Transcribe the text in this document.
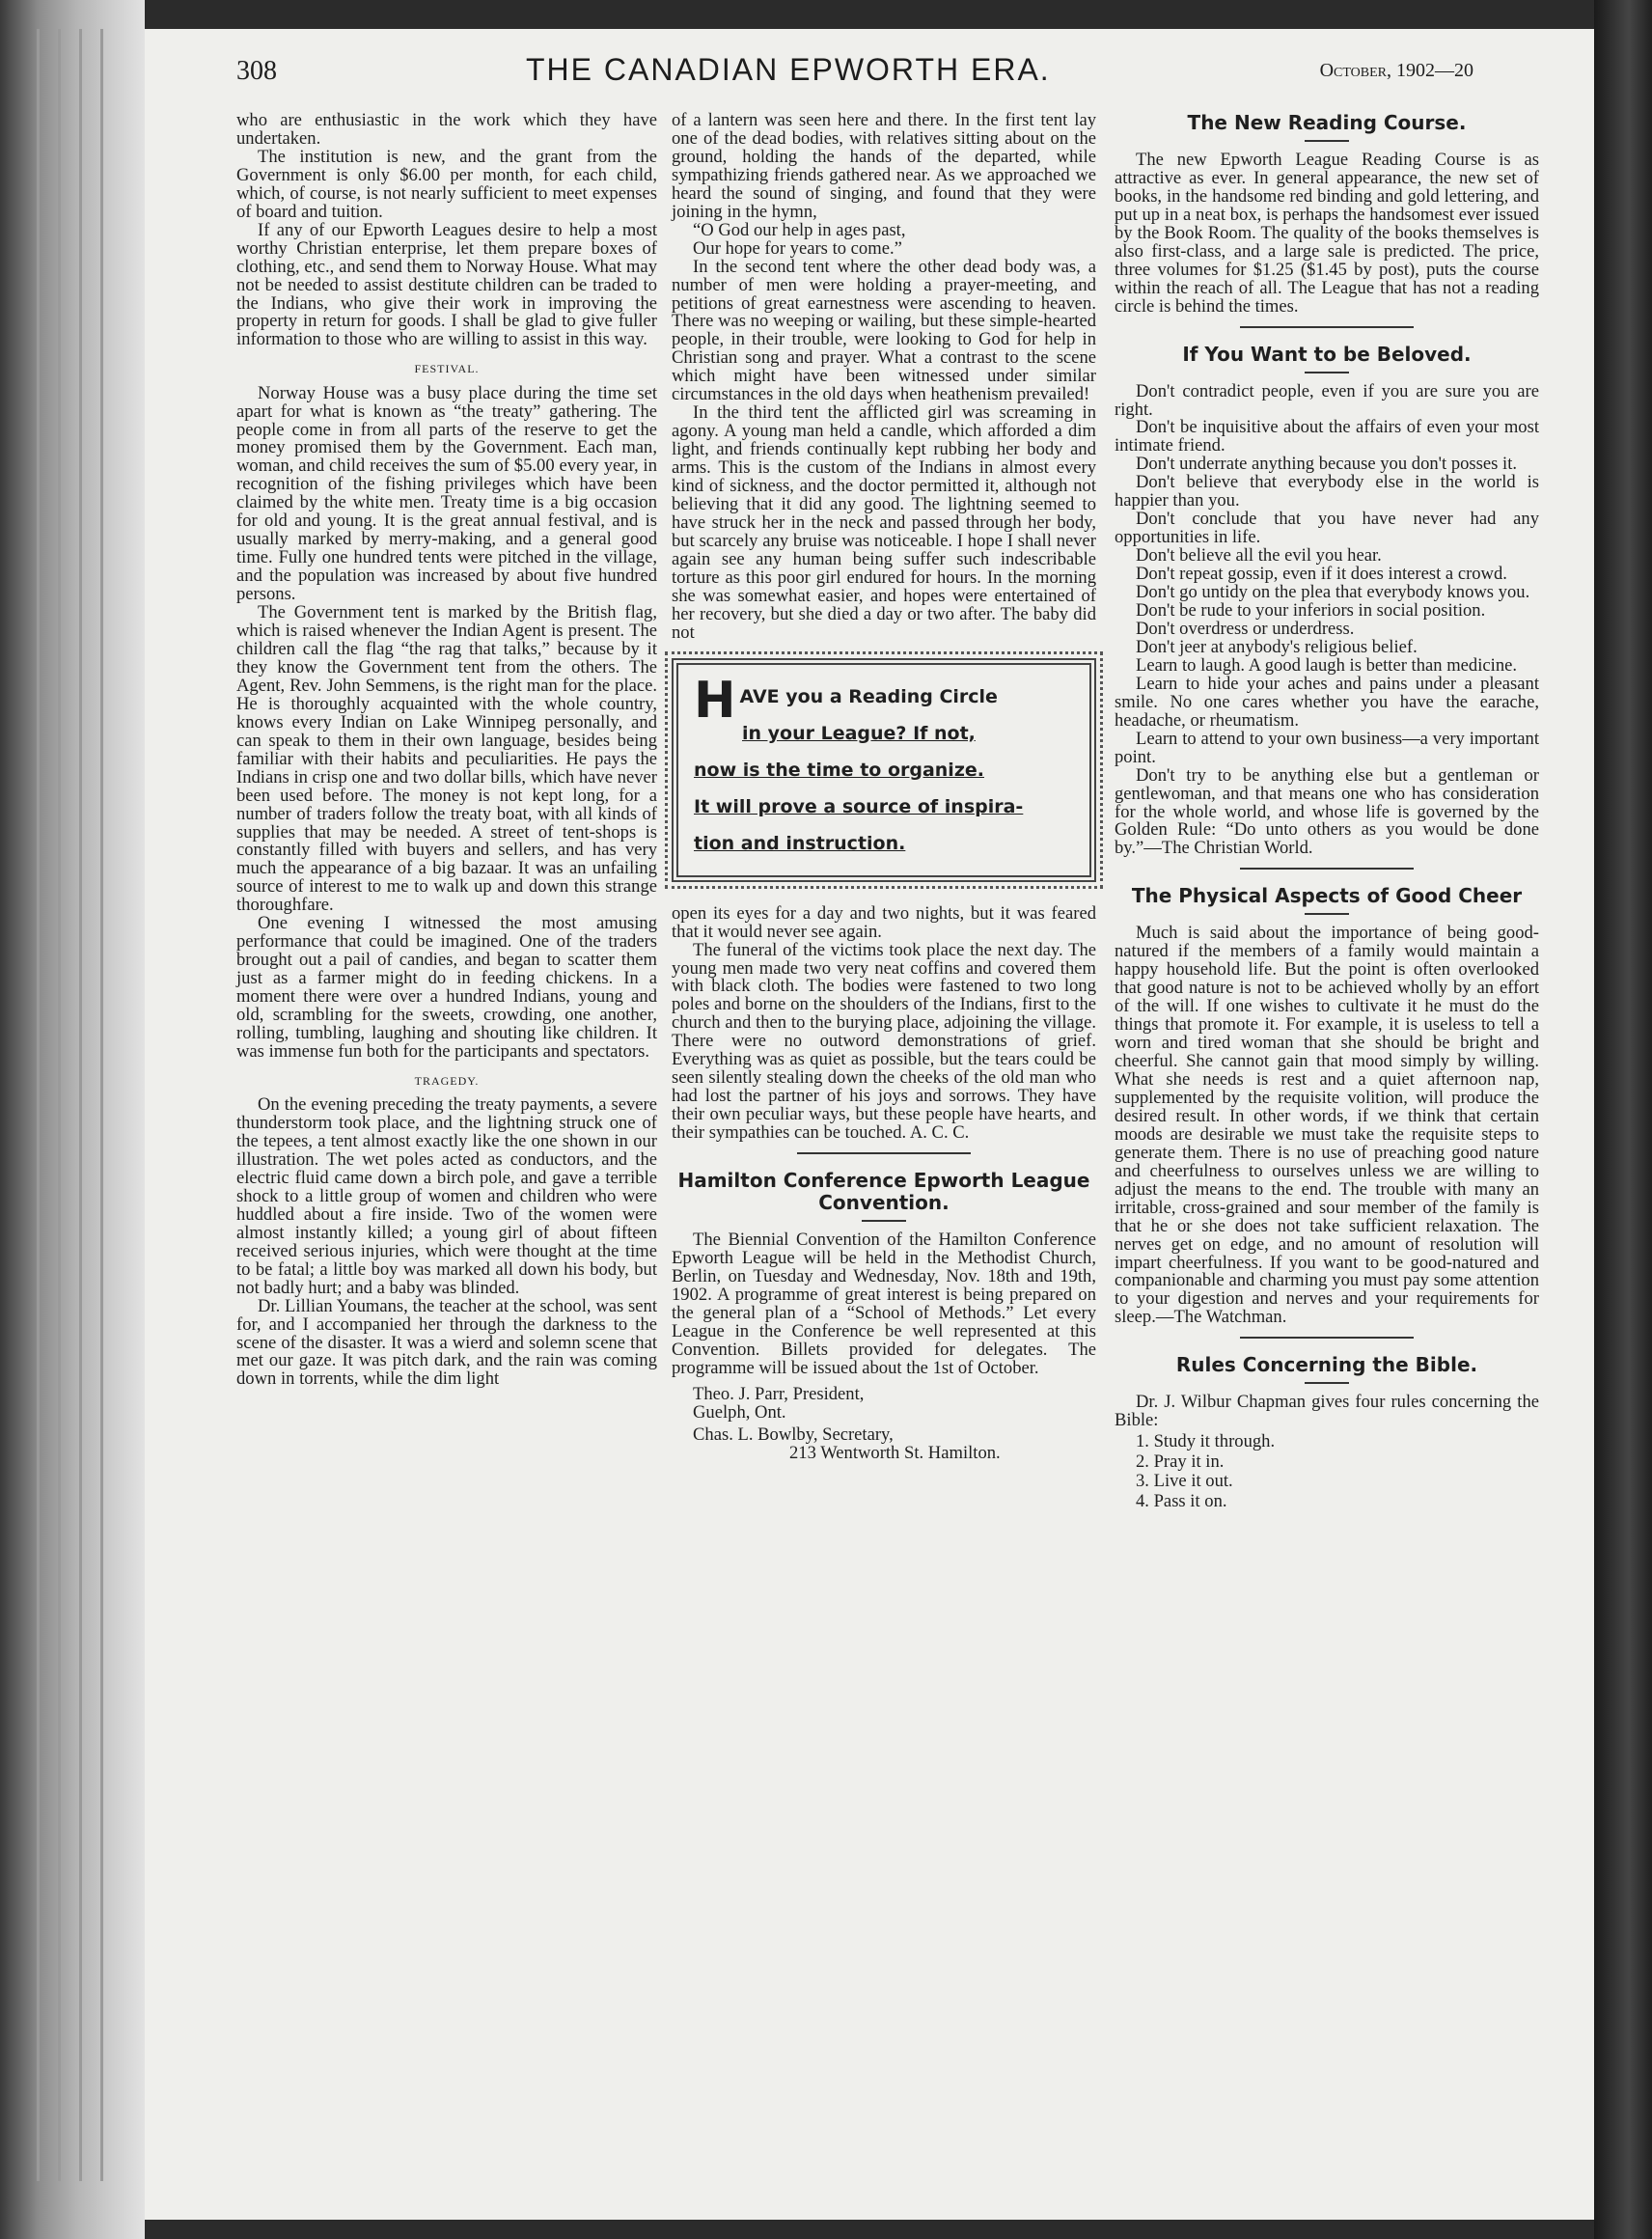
308	THE CANADIAN EPWORTH ERA.	October, 1902—20

who are enthusiastic in the work which they have undertaken.

The institution is new, and the grant from the Government is only $6.00 per month, for each child, which, of course, is not nearly sufficient to meet expenses of board and tuition.

If any of our Epworth Leagues desire to help a most worthy Christian enterprise, let them prepare boxes of clothing, etc., and send them to Norway House. What may not be needed to assist destitute children can be traded to the Indians, who give their work in improving the property in return for goods. I shall be glad to give fuller information to those who are willing to assist in this way.

FESTIVAL.

Norway House was a busy place during the time set apart for what is known as “the treaty” gathering. The people come in from all parts of the reserve to get the money promised them by the Government. Each man, woman, and child receives the sum of $5.00 every year, in recognition of the fishing privileges which have been claimed by the white men. Treaty time is a big occasion for old and young. It is the great annual festival, and is usually marked by merry-making, and a general good time. Fully one hundred tents were pitched in the village, and the population was increased by about five hundred persons.

The Government tent is marked by the British flag, which is raised whenever the Indian Agent is present. The children call the flag “the rag that talks,” because by it they know the Government tent from the others. The Agent, Rev. John Semmens, is the right man for the place. He is thoroughly acquainted with the whole country, knows every Indian on Lake Winnipeg personally, and can speak to them in their own language, besides being familiar with their habits and peculiarities. He pays the Indians in crisp one and two dollar bills, which have never been used before. The money is not kept long, for a number of traders follow the treaty boat, with all kinds of supplies that may be needed. A street of tent-shops is constantly filled with buyers and sellers, and has very much the appearance of a big bazaar. It was an unfailing source of interest to me to walk up and down this strange thoroughfare.

One evening I witnessed the most amusing performance that could be imagined. One of the traders brought out a pail of candies, and began to scatter them just as a farmer might do in feeding chickens. In a moment there were over a hundred Indians, young and old, scrambling for the sweets, crowding, one another, rolling, tumbling, laughing and shouting like children. It was immense fun both for the participants and spectators.

TRAGEDY.

On the evening preceding the treaty payments, a severe thunderstorm took place, and the lightning struck one of the tepees, a tent almost exactly like the one shown in our illustration. The wet poles acted as conductors, and the electric fluid came down a birch pole, and gave a terrible shock to a little group of women and children who were huddled about a fire inside. Two of the women were almost instantly killed; a young girl of about fifteen received serious injuries, which were thought at the time to be fatal; a little boy was marked all down his body, but not badly hurt; and a baby was blinded.

Dr. Lillian Youmans, the teacher at the school, was sent for, and I accompanied her through the darkness to the scene of the disaster. It was a wierd and solemn scene that met our gaze. It was pitch dark, and the rain was coming down in torrents, while the dim light

of a lantern was seen here and there. In the first tent lay one of the dead bodies, with relatives sitting about on the ground, holding the hands of the departed, while sympathizing friends gathered near. As we approached we heard the sound of singing, and found that they were joining in the hymn,

“O God our help in ages past,
Our hope for years to come.”

In the second tent where the other dead body was, a number of men were holding a prayer-meeting, and petitions of great earnestness were ascending to heaven. There was no weeping or wailing, but these simple-hearted people, in their trouble, were looking to God for help in Christian song and prayer. What a contrast to the scene which might have been witnessed under similar circumstances in the old days when heathenism prevailed!

In the third tent the afflicted girl was screaming in agony. A young man held a candle, which afforded a dim light, and friends continually kept rubbing her body and arms. This is the custom of the Indians in almost every kind of sickness, and the doctor permitted it, although not believing that it did any good. The lightning seemed to have struck her in the neck and passed through her body, but scarcely any bruise was noticeable. I hope I shall never again see any human being suffer such indescribable torture as this poor girl endured for hours. In the morning she was somewhat easier, and hopes were entertained of her recovery, but she died a day or two after. The baby did not

H AVE you a Reading Circle
in your League? If not,
now is the time to organize.
It will prove a source of inspira-
tion and instruction.

open its eyes for a day and two nights, but it was feared that it would never see again.

The funeral of the victims took place the next day. The young men made two very neat coffins and covered them with black cloth. The bodies were fastened to two long poles and borne on the shoulders of the Indians, first to the church and then to the burying place, adjoining the village. There were no outword demonstrations of grief. Everything was as quiet as possible, but the tears could be seen silently stealing down the cheeks of the old man who had lost the partner of his joys and sorrows. They have their own peculiar ways, but these people have hearts, and their sympathies can be touched. A. C. C.

Hamilton Conference Epworth League Convention.

The Biennial Convention of the Hamilton Conference Epworth League will be held in the Methodist Church, Berlin, on Tuesday and Wednesday, Nov. 18th and 19th, 1902. A programme of great interest is being prepared on the general plan of a “School of Methods.” Let every League in the Conference be well represented at this Convention. Billets provided for delegates. The programme will be issued about the 1st of October.

Theo. J. Parr, President,

Guelph, Ont.

Chas. L. Bowlby, Secretary,

213 Wentworth St. Hamilton.

The New Reading Course.

The new Epworth League Reading Course is as attractive as ever. In general appearance, the new set of books, in the handsome red binding and gold lettering, and put up in a neat box, is perhaps the handsomest ever issued by the Book Room. The quality of the books themselves is also first-class, and a large sale is predicted. The price, three volumes for $1.25 ($1.45 by post), puts the course within the reach of all. The League that has not a reading circle is behind the times.

If You Want to be Beloved.

Don't contradict people, even if you are sure you are right.

Don't be inquisitive about the affairs of even your most intimate friend.

Don't underrate anything because you don't posses it.

Don't believe that everybody else in the world is happier than you.

Don't conclude that you have never had any opportunities in life.

Don't believe all the evil you hear.

Don't repeat gossip, even if it does interest a crowd.

Don't go untidy on the plea that everybody knows you.

Don't be rude to your inferiors in social position.

Don't overdress or underdress.

Don't jeer at anybody's religious belief.

Learn to laugh. A good laugh is better than medicine.

Learn to hide your aches and pains under a pleasant smile. No one cares whether you have the earache, headache, or rheumatism.

Learn to attend to your own business—a very important point.

Don't try to be anything else but a gentleman or gentlewoman, and that means one who has consideration for the whole world, and whose life is governed by the Golden Rule: “Do unto others as you would be done by.”—The Christian World.

The Physical Aspects of Good Cheer

Much is said about the importance of being good-natured if the members of a family would maintain a happy household life. But the point is often overlooked that good nature is not to be achieved wholly by an effort of the will. If one wishes to cultivate it he must do the things that promote it. For example, it is useless to tell a worn and tired woman that she should be bright and cheerful. She cannot gain that mood simply by willing. What she needs is rest and a quiet afternoon nap, supplemented by the requisite volition, will produce the desired result. In other words, if we think that certain moods are desirable we must take the requisite steps to generate them. There is no use of preaching good nature and cheerfulness to ourselves unless we are willing to adjust the means to the end. The trouble with many an irritable, cross-grained and sour member of the family is that he or she does not take sufficient relaxation. The nerves get on edge, and no amount of resolution will impart cheerfulness. If you want to be good-natured and companionable and charming you must pay some attention to your digestion and nerves and your requirements for sleep.—The Watchman.

Rules Concerning the Bible.

Dr. J. Wilbur Chapman gives four rules concerning the Bible:

1. Study it through.
2. Pray it in.
3. Live it out.
4. Pass it on.
